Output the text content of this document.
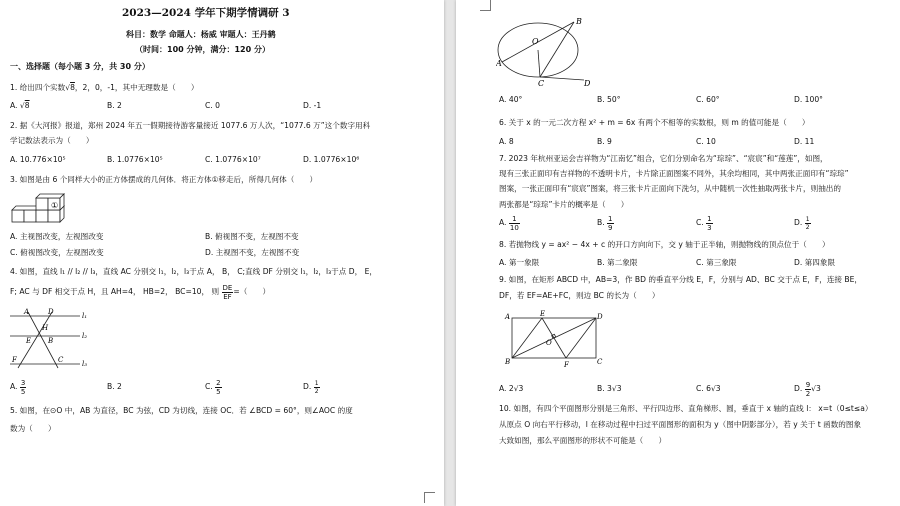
2023—2024 学年下期学情调研 3
科目：数学 命题人：杨威 审题人：王丹鹤
（时间：100 分钟，满分：120 分）
一、选择题（每小题 3 分，共 30 分）
1. 给出四个实数√8，2，0，-1，其中无理数是（　　）
A. √8	B. 2	C. 0	D. -1
2. 据《大河报》报道，郑州 2024 年五一假期接待游客量接近 1077.6 万人次，“1077.6 万”这个数字用科
学记数法表示为（　　）
A. 10.776×10⁵	B. 1.0776×10⁵	C. 1.0776×10⁷	D. 1.0776×10⁶
3. 如图是由 6 个同样大小的正方体摆成的几何体．将正方体①移走后，所得几何体（　　）
①
A. 主视图改变，左视图改变	B. 俯视图不变，左视图不变
C. 俯视图改变，左视图改变	D. 主视图不变，左视图不变
4. 如图，直线 l₁ // l₂ // l₃，直线 AC 分别交 l₁，l₂，l₃于点 A， B， C;直线 DF 分别交 l₁，l₂，l₃于点 D， E，
F; AC 与 DF 相交于点 H，且 AH=4， HB=2， BC=10， 则 $\frac{DE}{EF}$ =（　　）
A	D
H
E B
F	C
l₁
l₂
l₃
A. $\frac{3}{5}$	B. 2	C. $\frac{2}{5}$	D. $\frac{1}{2}$
5. 如图，在⊙O 中，AB 为直径，BC 为弦，CD 为切线，连接 OC．若 ∠BCD = 60°，则∠AOC 的度
数为（　　）
B
O
A
C	D
A. 40°	B. 50°	C. 60°	D. 100°
6. 关于 x 的一元二次方程 x² + m = 6x 有两个不相等的实数根，则 m 的值可能是（　　）
A. 8	B. 9	C. 10	D. 11
7. 2023 年杭州亚运会吉祥物为“江南忆”组合，它们分别命名为“琮琮”、“宸宸”和“莲莲”，如图，
现有三张正面印有吉祥物的不透明卡片，卡片除正面图案不同外，其余均相同，其中两张正面印有“琮琮”
图案，一张正面印有“宸宸”图案，将三张卡片正面向下洗匀，从中随机一次性抽取两张卡片，则抽出的
两张都是“琮琮”卡片的概率是（　　）
A. $\frac{1}{10}$	B. $\frac{1}{9}$	C. $\frac{1}{3}$	D. $\frac{1}{2}$
8. 若抛物线 y = ax² − 4x + c 的开口方向向下，交 y 轴于正半轴，则抛物线的顶点位于（　　）
A. 第一象限	B. 第二象限	C. 第三象限	D. 第四象限
9. 如图，在矩形 ABCD 中，AB=3，作 BD 的垂直平分线 E，F，分别与 AD、BC 交于点 E，F，连接 BE，
DF，若 EF=AE+FC，则边 BC 的长为（　　）
A	E	D
O
B	F	C
A. 2√3	B. 3√3	C. 6√3	D. $\frac{9}{2} √3$
10. 如图，有四个平面图形分别是三角形、平行四边形、直角梯形、圆，垂直于 x 轴的直线 l： x=t（0≤t≤a）
从原点 O 向右平行移动，l 在移动过程中扫过平面图形的面积为 y（图中阴影部分），若 y 关于 t 函数的图象
大致如图，那么平面图形的形状不可能是（　　）
